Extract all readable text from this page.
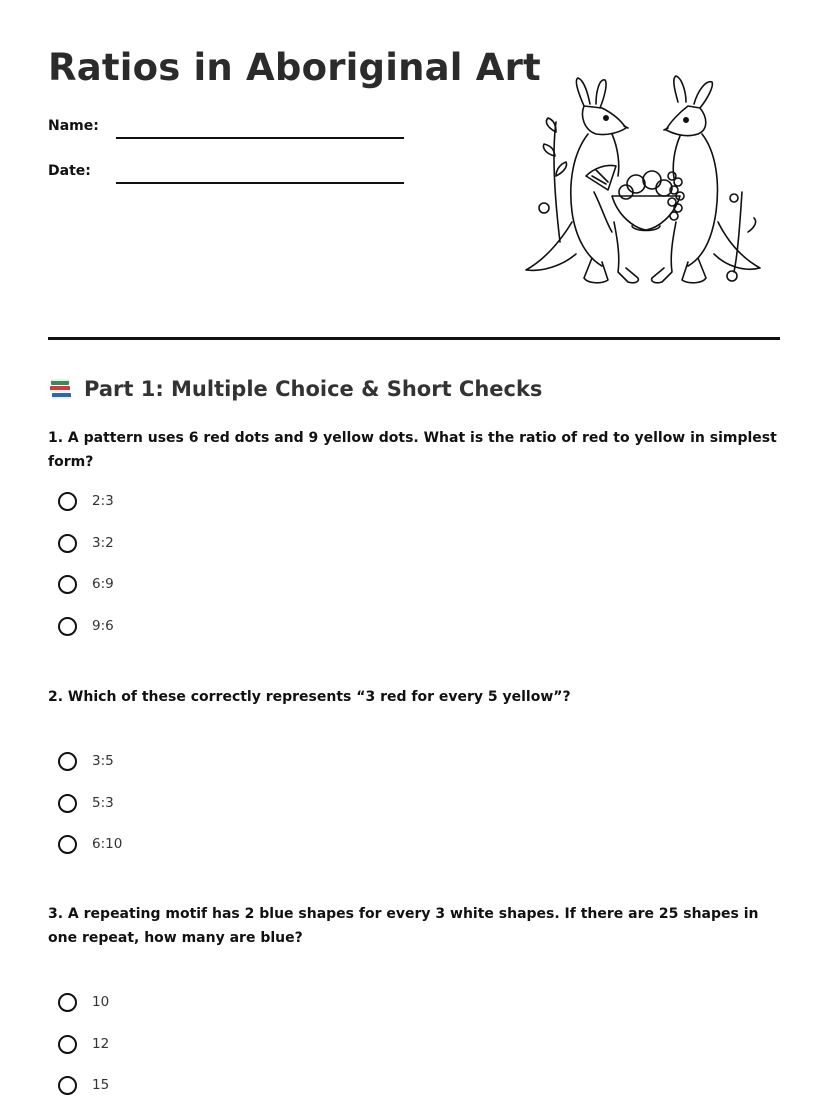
Ratios in Aboriginal Art
Name:
Date:
Part 1: Multiple Choice & Short Checks

1. A pattern uses 6 red dots and 9 yellow dots. What is the ratio of red to yellow in simplest form?

2:3
3:2
6:9
9:6

2. Which of these correctly represents “3 red for every 5 yellow”?

3:5
5:3
6:10

3. A repeating motif has 2 blue shapes for every 3 white shapes. If there are 25 shapes in one repeat, how many are blue?

10
12
15
